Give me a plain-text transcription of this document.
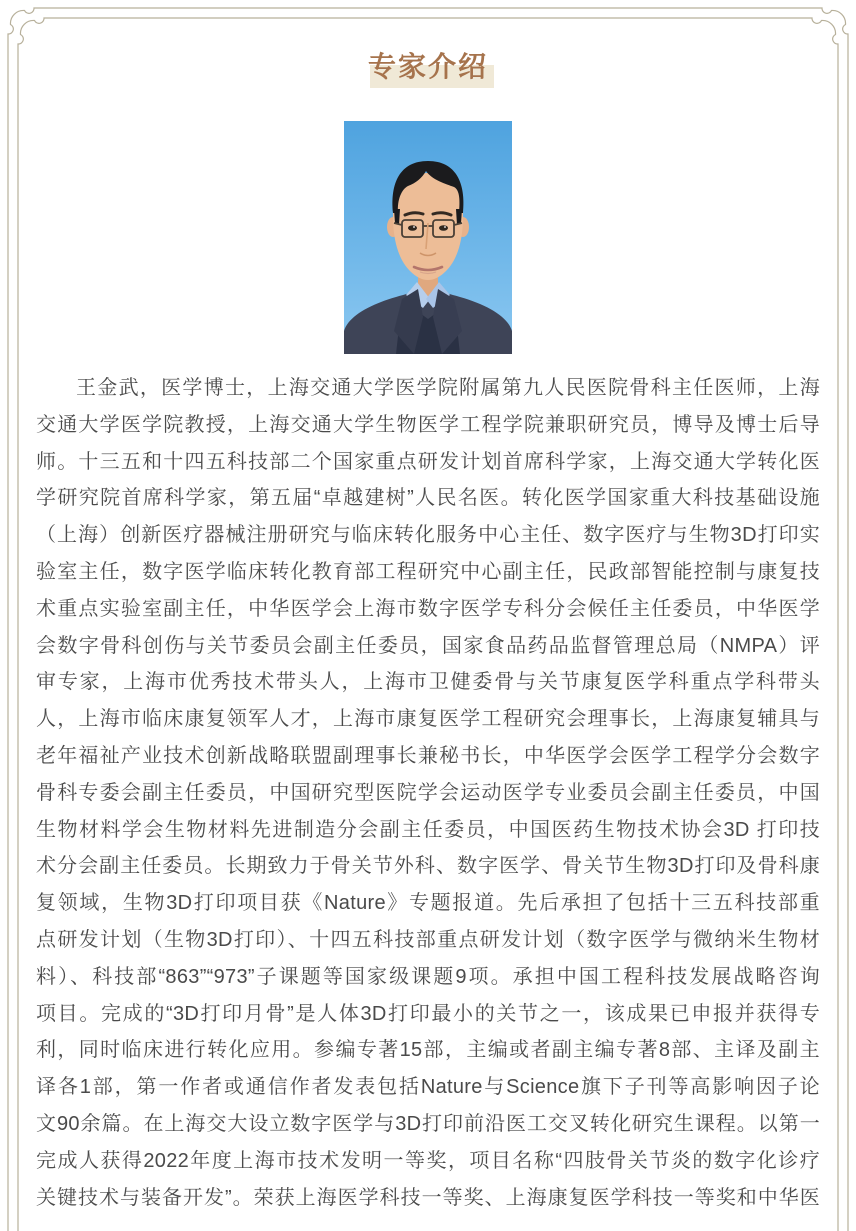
专家介绍
王金武，医学博士，上海交通大学医学院附属第九人民医院骨科主任医师，上海
交通大学医学院教授，上海交通大学生物医学工程学院兼职研究员，博导及博士后导
师。十三五和十四五科技部二个国家重点研发计划首席科学家，上海交通大学转化医
学研究院首席科学家，第五届“卓越建树”人民名医。转化医学国家重大科技基础设施
（上海）创新医疗器械注册研究与临床转化服务中心主任、数字医疗与生物3D打印实
验室主任，数字医学临床转化教育部工程研究中心副主任，民政部智能控制与康复技
术重点实验室副主任，中华医学会上海市数字医学专科分会候任主任委员，中华医学
会数字骨科创伤与关节委员会副主任委员，国家食品药品监督管理总局（NMPA）评
审专家，上海市优秀技术带头人，上海市卫健委骨与关节康复医学科重点学科带头
人，上海市临床康复领军人才，上海市康复医学工程研究会理事长，上海康复辅具与
老年福祉产业技术创新战略联盟副理事长兼秘书长，中华医学会医学工程学分会数字
骨科专委会副主任委员，中国研究型医院学会运动医学专业委员会副主任委员，中国
生物材料学会生物材料先进制造分会副主任委员，中国医药生物技术协会3D 打印技
术分会副主任委员。长期致力于骨关节外科、数字医学、骨关节生物3D打印及骨科康
复领域，生物3D打印项目获《Nature》专题报道。先后承担了包括十三五科技部重
点研发计划（生物3D打印）、十四五科技部重点研发计划（数字医学与微纳米生物材
料）、科技部“863”“973”子课题等国家级课题9项。承担中国工程科技发展战略咨询
项目。完成的“3D打印月骨”是人体3D打印最小的关节之一，该成果已申报并获得专
利，同时临床进行转化应用。参编专著15部，主编或者副主编专著8部、主译及副主
译各1部，第一作者或通信作者发表包括Nature与Science旗下子刊等高影响因子论
文90余篇。在上海交大设立数字医学与3D打印前沿医工交叉转化研究生课程。以第一
完成人获得2022年度上海市技术发明一等奖，项目名称“四肢骨关节炎的数字化诊疗
关键技术与装备开发”。荣获上海医学科技一等奖、上海康复医学科技一等奖和中华医
